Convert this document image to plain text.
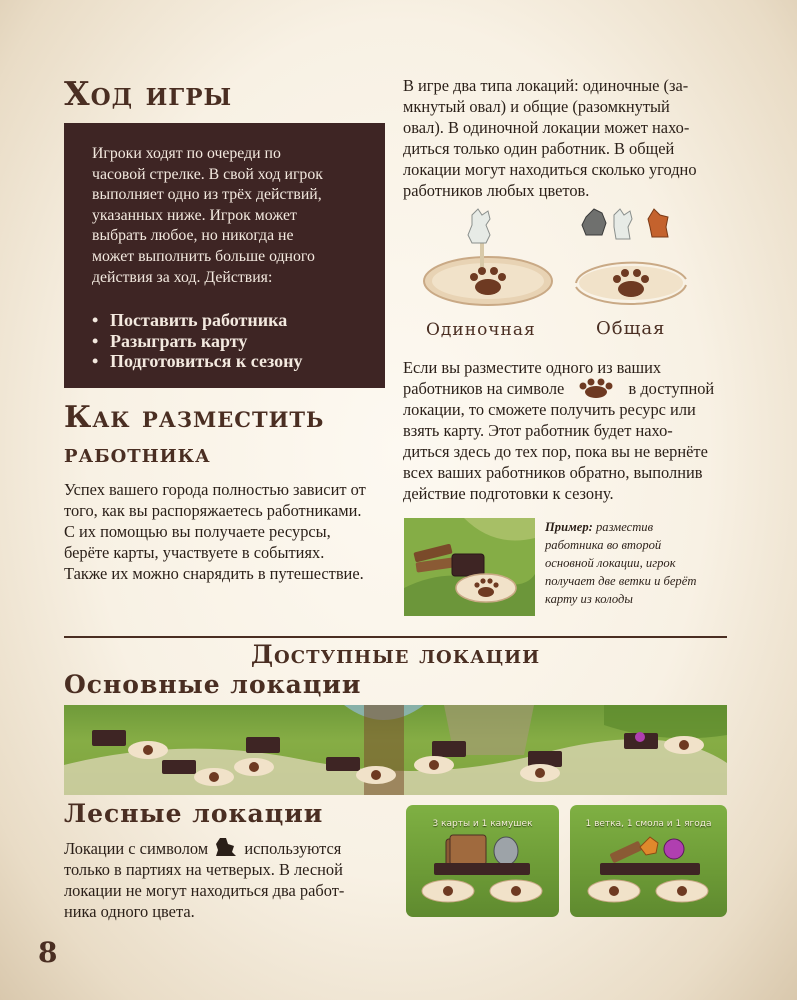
Ход игры
Игроки ходят по очереди по
часовой стрелке. В свой ход игрок
выполняет одно из трёх действий,
указанных ниже. Игрок может
выбрать любое, но никогда не
может выполнить больше одного
действия за ход. Действия:
• Поставить работника
• Разыграть карту
• Подготовиться к сезону
Как разместить
работника
Успех вашего города полностью зависит от
того, как вы распоряжаетесь работниками.
С их помощью вы получаете ресурсы,
берёте карты, участвуете в событиях.
Также их можно снарядить в путешествие.
В игре два типа локаций: одиночные (за-
мкнутый овал) и общие (разомкнутый
овал). В одиночной локации может нахо-
диться только один работник. В общей
локации могут находиться сколько угодно
работников любых цветов.
Одиночная	Общая
Если вы разместите одного из ваших
работников на символе	в доступной
локации, то сможете получить ресурс или
взять карту. Этот работник будет нахо-
диться здесь до тех пор, пока вы не вернёте
всех ваших работников обратно, выполнив
действие подготовки к сезону.
Пример: разместив
работника во второй
основной локации, игрок
получает две ветки и берёт
карту из колоды
Доступные локации
Основные локации
Лесные локации
Локации с символом используются
только в партиях на четверых. В лесной
локации не могут находиться два работ-
ника одного цвета.
3 карты и 1 камушек	1 ветка, 1 смола и 1 ягода
8
